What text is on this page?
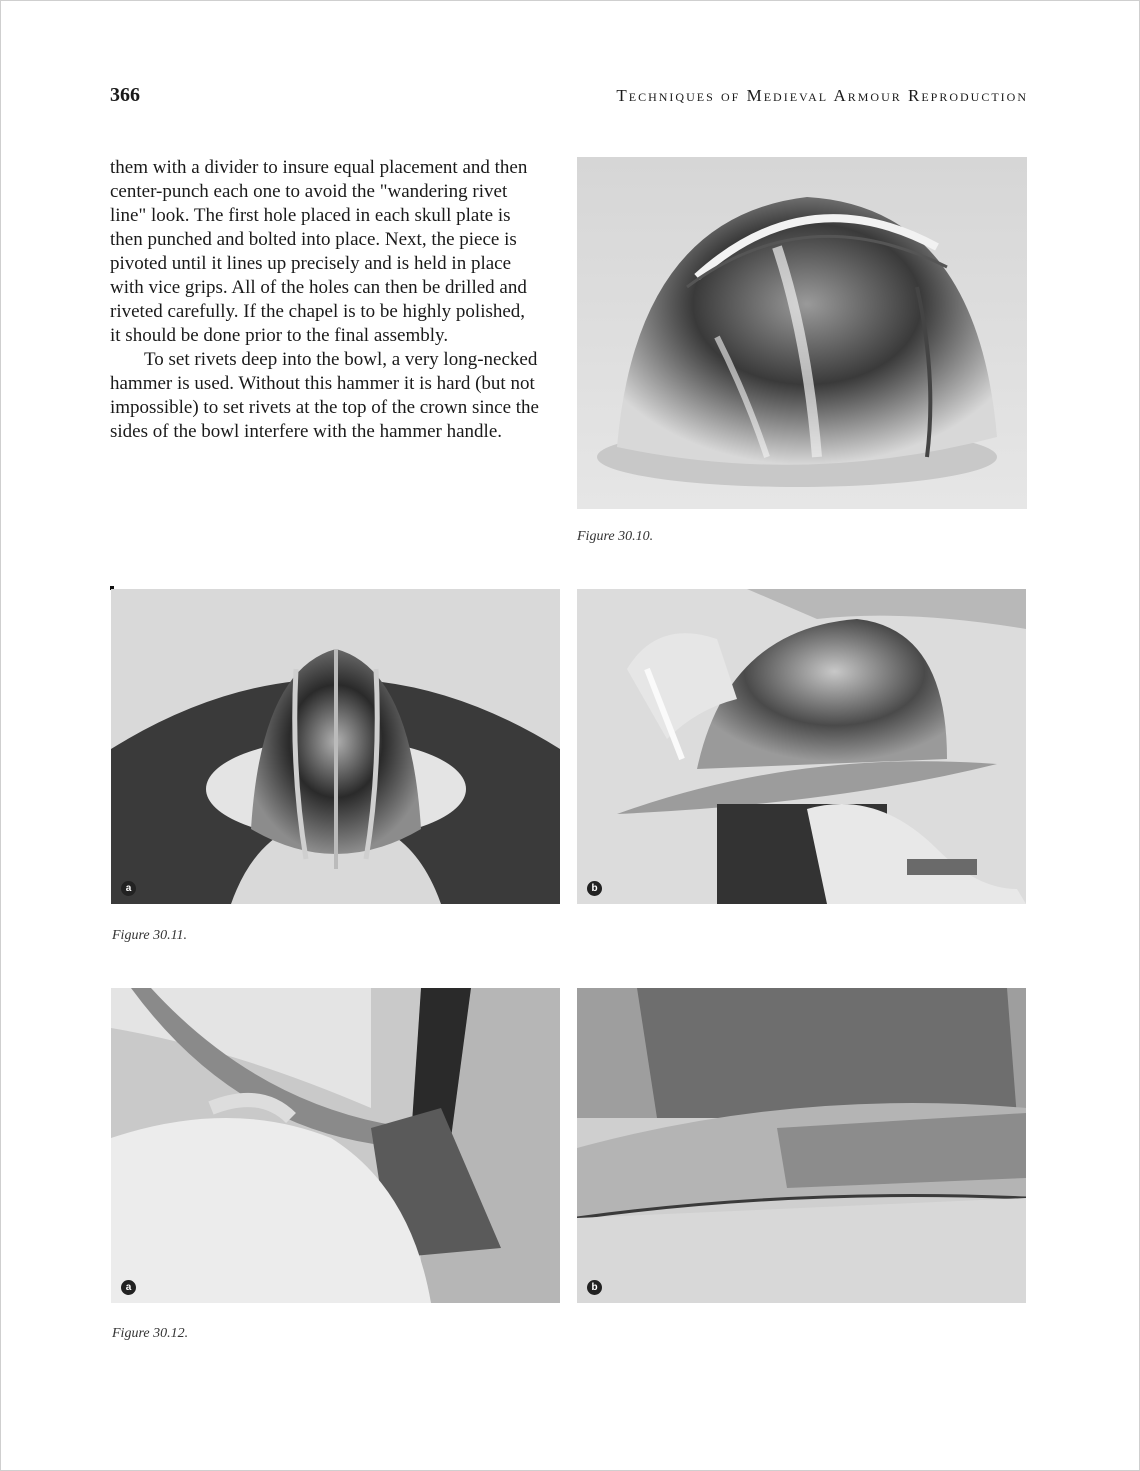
366	Techniques of Medieval Armour Reproduction

them with a divider to insure equal placement and then center-punch each one to avoid the "wandering rivet line" look. The first hole placed in each skull plate is then punched and bolted into place. Next, the piece is pivoted until it lines up precisely and is held in place with vice grips. All of the holes can then be drilled and riveted carefully. If the chapel is to be highly polished, it should be done prior to the final assembly.

To set rivets deep into the bowl, a very long-necked hammer is used. Without this hammer it is hard (but not impossible) to set rivets at the top of the crown since the sides of the bowl interfere with the hammer handle.

Figure 30.10.
a	b
Figure 30.11.
a	b
Figure 30.12.
